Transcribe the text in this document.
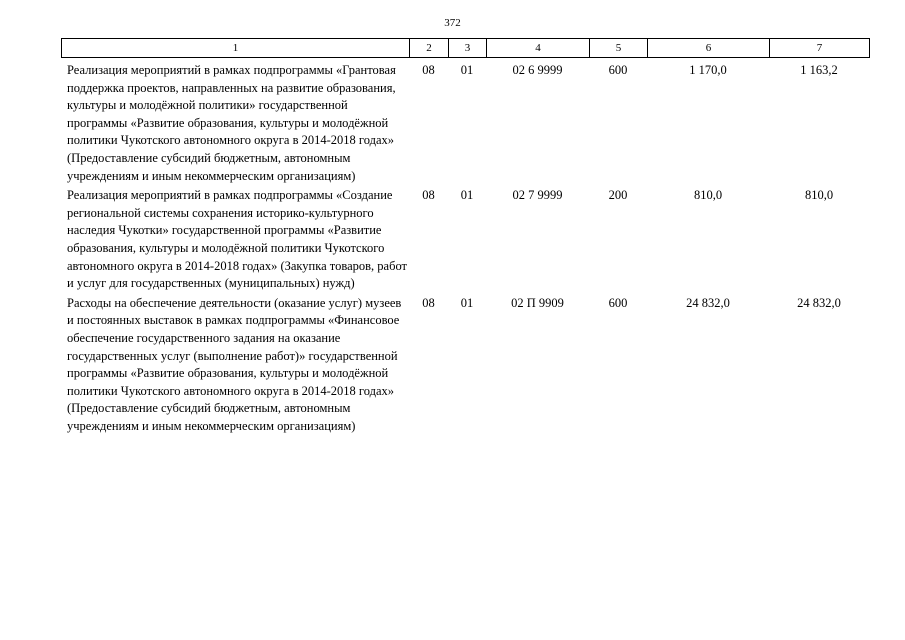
372
1	2	3	4	5	6	7
Реализация мероприятий в рамках подпрограммы «Грантовая поддержка проектов, направленных на развитие образования, культуры и молодёжной политики» государственной программы «Развитие образования, культуры и молодёжной политики Чукотского автономного округа в 2014-2018 годах» (Предоставление субсидий бюджетным, автономным учреждениям и иным некоммерческим организациям)	08	01	02 6 9999	600	1 170,0	1 163,2
Реализация мероприятий в рамках подпрограммы «Создание региональной системы сохранения историко-культурного наследия Чукотки» государственной программы «Развитие образования, культуры и молодёжной политики Чукотского автономного округа в 2014-2018 годах» (Закупка товаров, работ и услуг для государственных (муниципальных) нужд)	08	01	02 7 9999	200	810,0	810,0
Расходы на обеспечение деятельности (оказание услуг) музеев и постоянных выставок в рамках подпрограммы «Финансовое обеспечение государственного задания на оказание государственных услуг (выполнение работ)» государственной программы «Развитие образования, культуры и молодёжной политики Чукотского автономного округа в 2014-2018 годах» (Предоставление субсидий бюджетным, автономным учреждениям и иным некоммерческим организациям)	08	01	02 П 9909	600	24 832,0	24 832,0
